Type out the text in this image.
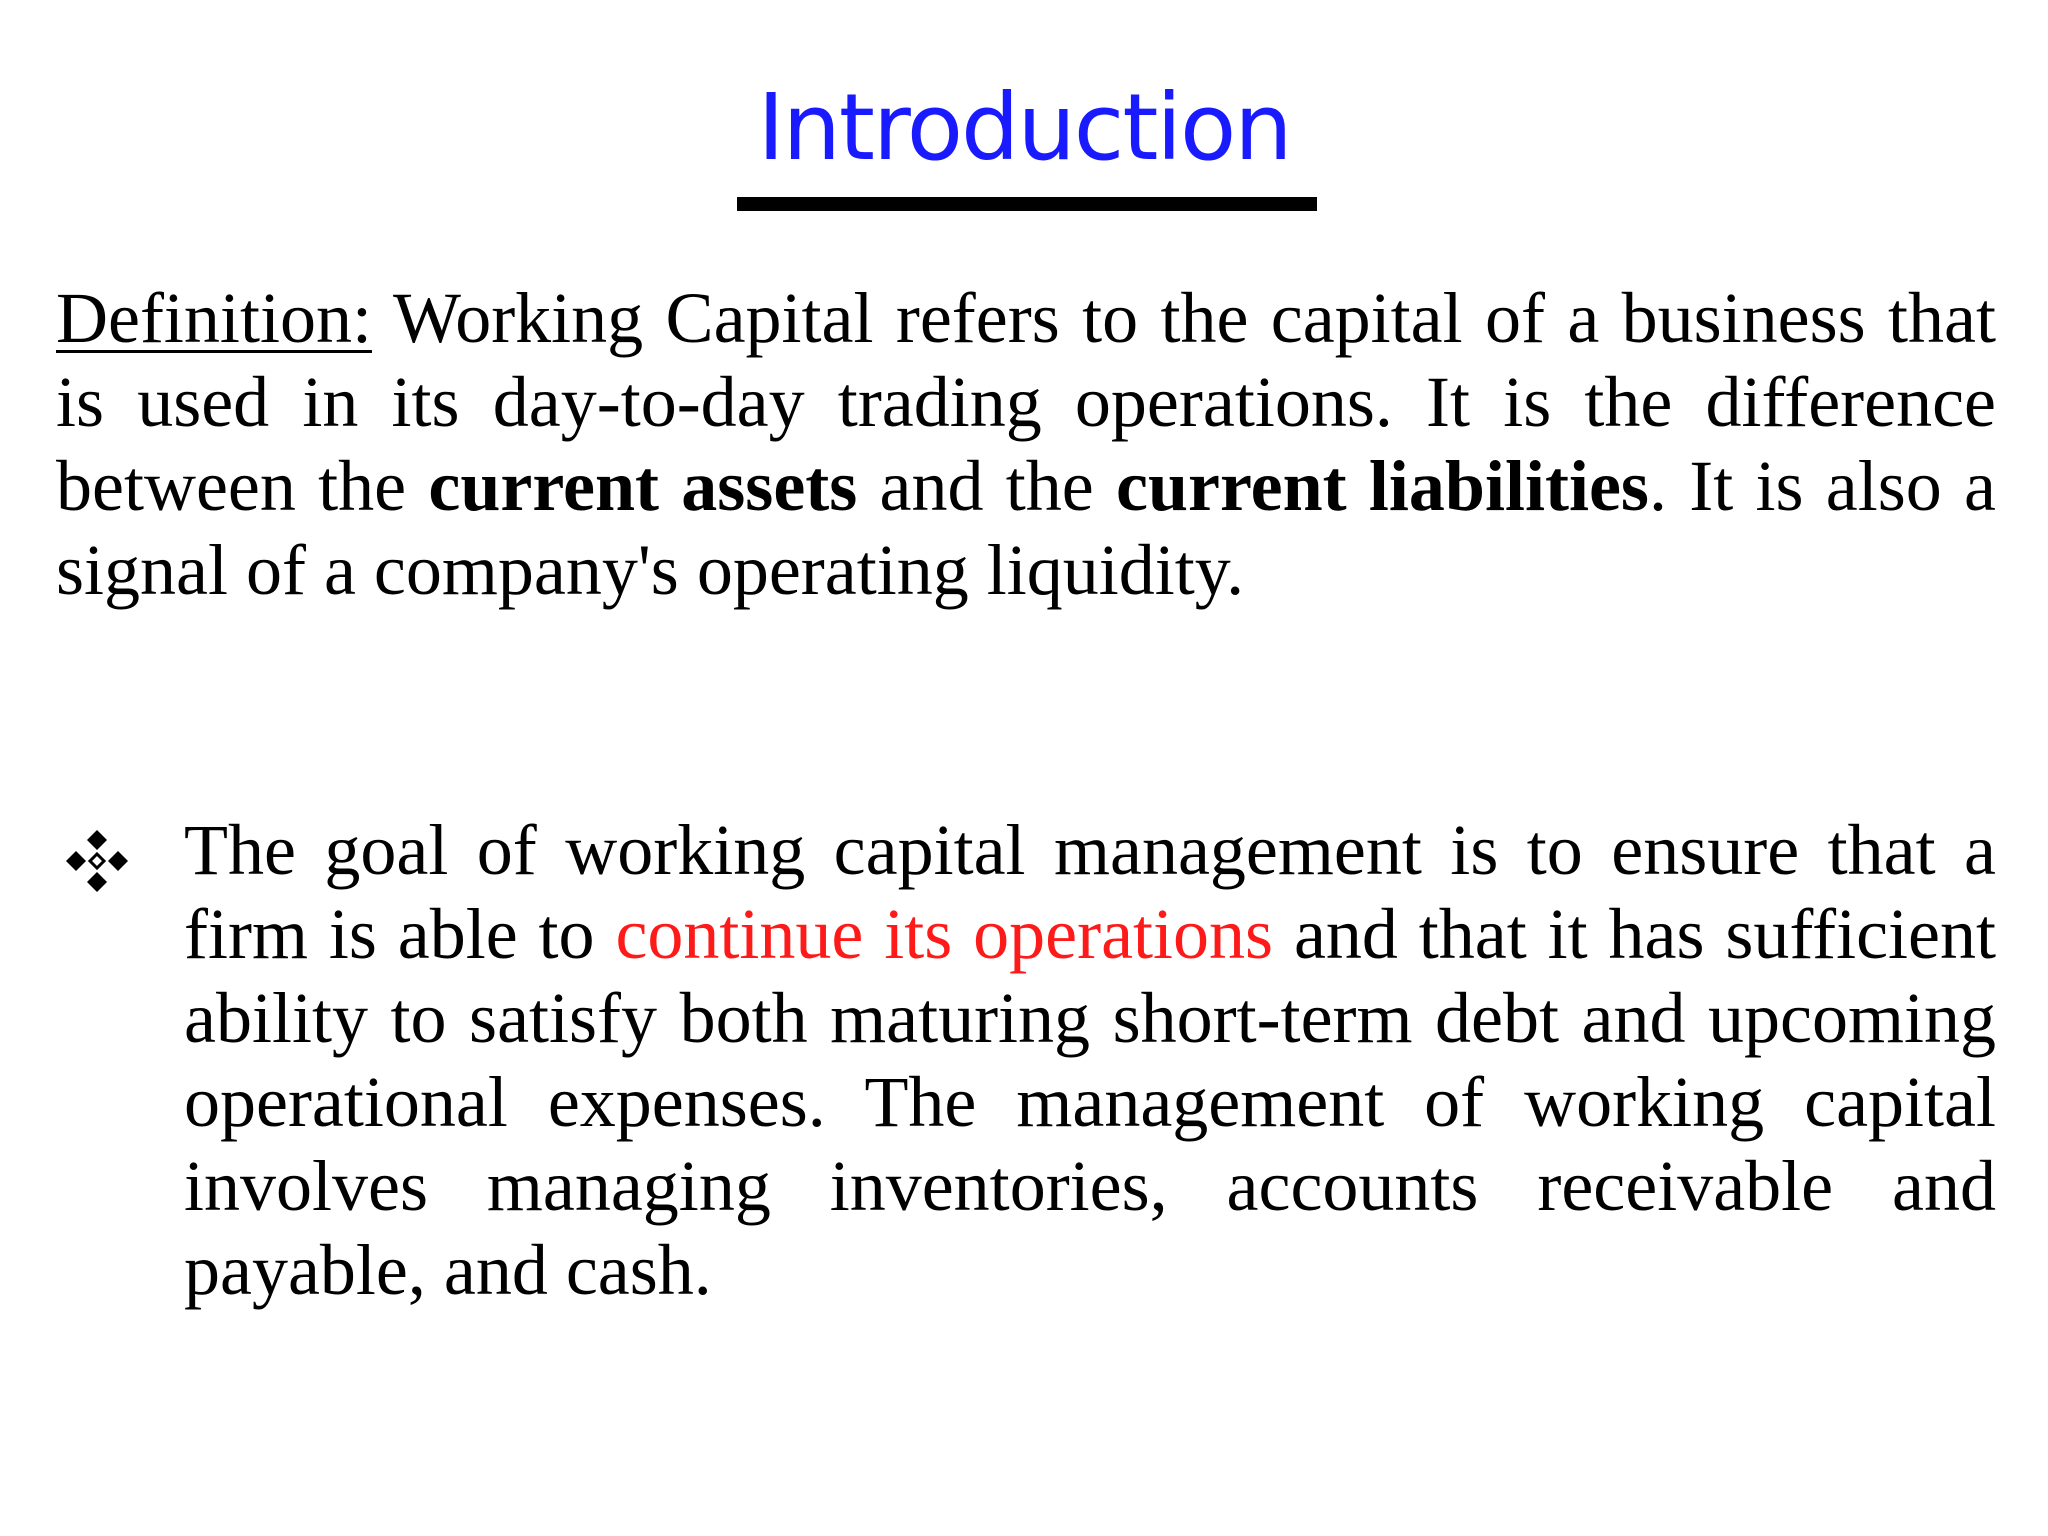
Introduction
Definition: Working Capital refers to the capital of a business that is used in its day-to-day trading operations. It is the difference between the current assets and the current liabilities. It is also a signal of a company's operating liquidity.
The goal of working capital management is to ensure that a firm is able to continue its operations and that it has sufficient ability to satisfy both maturing short-term debt and upcoming operational expenses. The management of working capital involves managing inventories, accounts receivable and payable, and cash.
